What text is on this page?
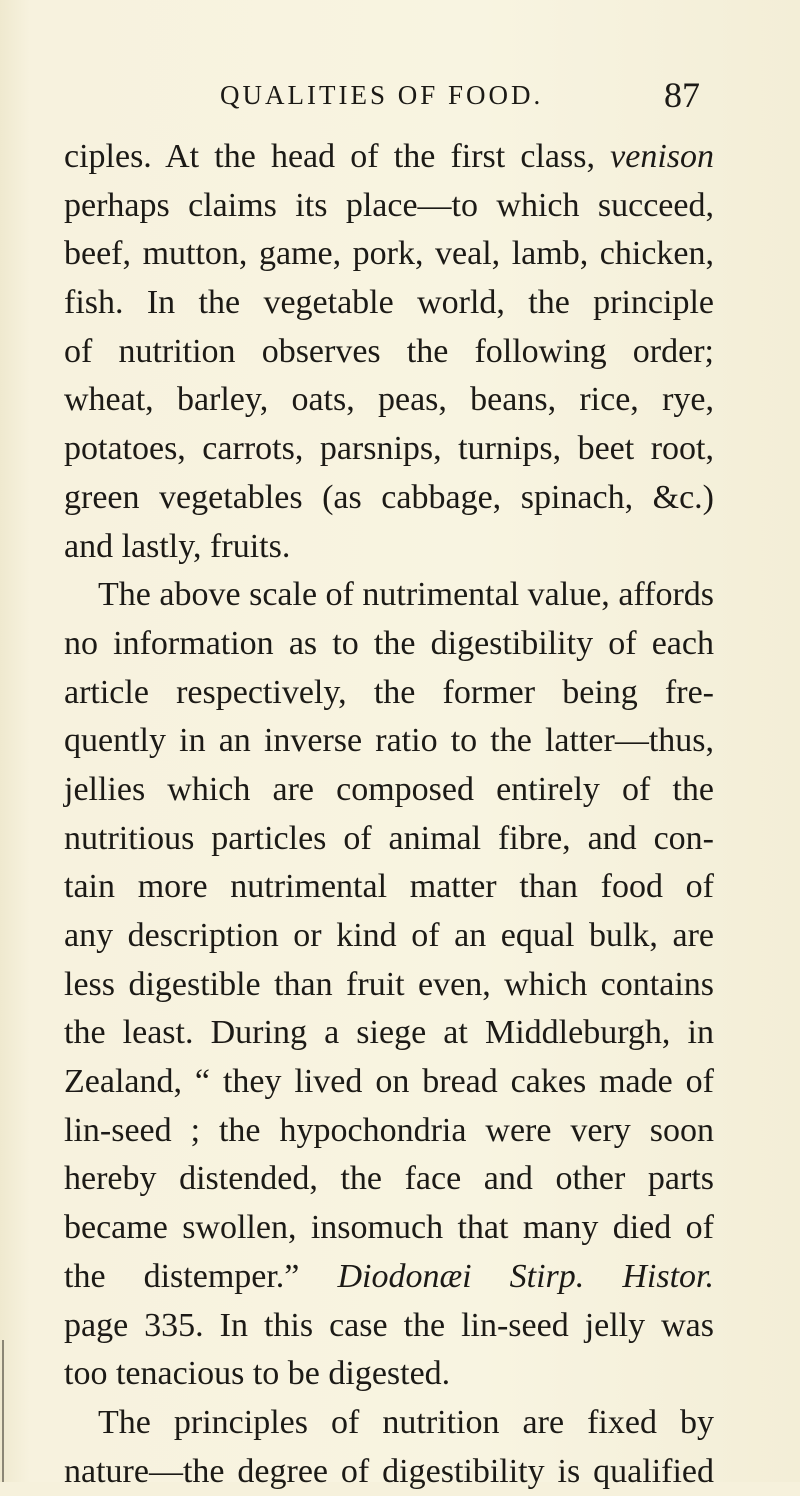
QUALITIES OF FOOD.	87
ciples. At the head of the first class, venison
perhaps claims its place—to which succeed,
beef, mutton, game, pork, veal, lamb, chicken,
fish. In the vegetable world, the principle
of nutrition observes the following order;
wheat, barley, oats, peas, beans, rice, rye,
potatoes, carrots, parsnips, turnips, beet root,
green vegetables (as cabbage, spinach, &c.)
and lastly, fruits.
The above scale of nutrimental value, affords
no information as to the digestibility of each
article respectively, the former being fre-
quently in an inverse ratio to the latter—thus,
jellies which are composed entirely of the
nutritious particles of animal fibre, and con-
tain more nutrimental matter than food of
any description or kind of an equal bulk, are
less digestible than fruit even, which contains
the least. During a siege at Middleburgh, in
Zealand, “ they lived on bread cakes made of
lin-seed ; the hypochondria were very soon
hereby distended, the face and other parts
became swollen, insomuch that many died of
the distemper.” Diodonæi Stirp. Histor.
page 335. In this case the lin-seed jelly was
too tenacious to be digested.
The principles of nutrition are fixed by
nature—the degree of digestibility is qualified
